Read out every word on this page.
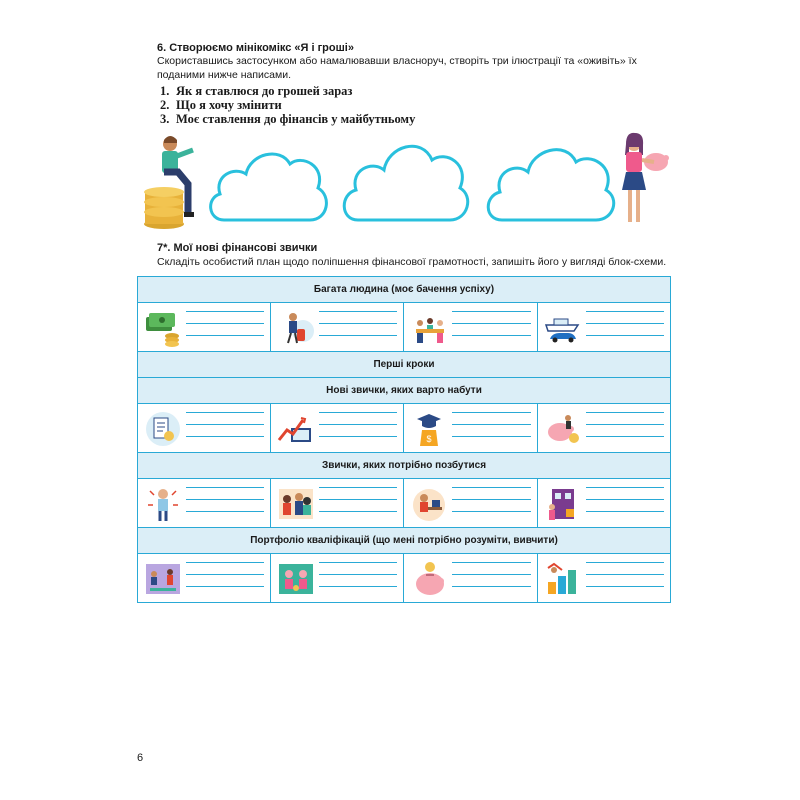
6. Створюємо мінікомікс «Я і гроші»
Скориставшись застосунком або намалювавши власноруч, створіть три ілюстрації та «оживіть» їх поданими нижче написами.
1. Як я ставлюся до грошей зараз
2. Що я хочу змінити
3. Моє ставлення до фінансів у майбутньому
7*. Мої нові фінансові звички
Складіть особистий план щодо поліпшення фінансової грамотності, запишіть його у вигляді блок-схеми.
Багата людина (моє бачення успіху)			

Перші кроки			
Нові звички, яких варто набути			

$

Звички, яких потрібно позбутися			

Портфоліо кваліфікацій (що мені потрібно розуміти, вивчити)			

6
